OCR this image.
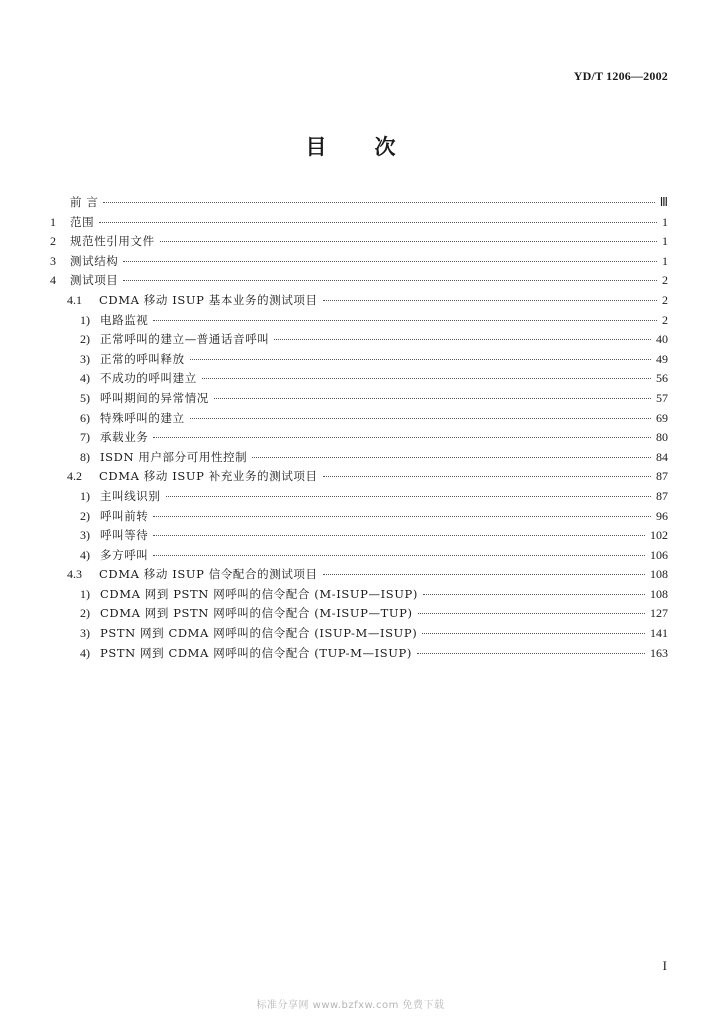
YD/T 1206—2002
目 次
前 言	Ⅲ
1	范围	1
2	规范性引用文件	1
3	测试结构	1
4	测试项目	2
4.1	CDMA 移动 ISUP 基本业务的测试项目	2
1) 电路监视	2
2) 正常呼叫的建立—普通话音呼叫	40
3) 正常的呼叫释放	49
4) 不成功的呼叫建立	56
5) 呼叫期间的异常情况	57
6) 特殊呼叫的建立	69
7) 承载业务	80
8) ISDN 用户部分可用性控制	84
4.2	CDMA 移动 ISUP 补充业务的测试项目	87
1) 主叫线识别	87
2) 呼叫前转	96
3) 呼叫等待	102
4) 多方呼叫	106
4.3	CDMA 移动 ISUP 信令配合的测试项目	108
1) CDMA 网到 PSTN 网呼叫的信令配合 (M-ISUP—ISUP)	108
2) CDMA 网到 PSTN 网呼叫的信令配合 (M-ISUP—TUP)	127
3) PSTN 网到 CDMA 网呼叫的信令配合 (ISUP-M—ISUP)	141
4) PSTN 网到 CDMA 网呼叫的信令配合 (TUP-M—ISUP)	163
I
标准分享网 www.bzfxw.com 免费下载
